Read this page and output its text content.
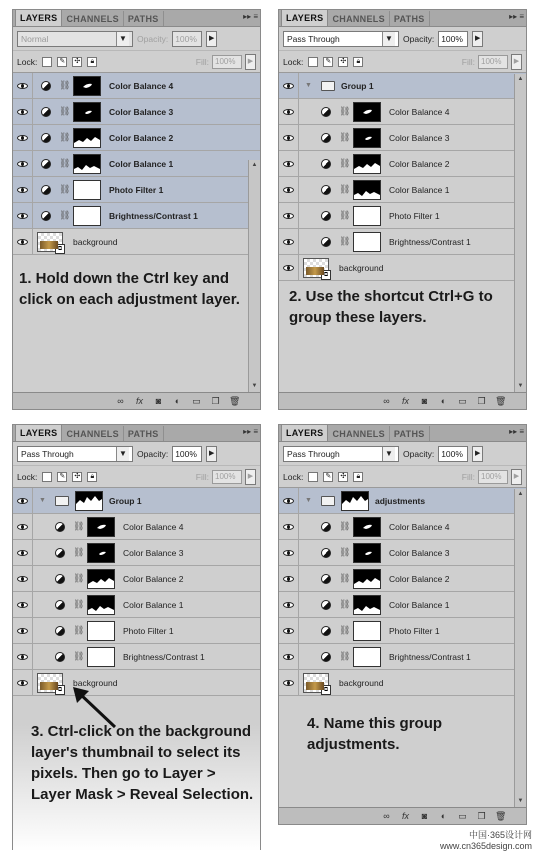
LAYERS	CHANNELS	PATHS	▸▸ ≡
Normal	▼ Opacity: 100%	▶
Lock:	✎ ✣	🔒︎	Fill: 100%	▶
⛓	Color Balance 4
⛓	Color Balance 3
⛓	Color Balance 2
⛓	Color Balance 1
⛓	Photo Filter 1
⛓	Brightness/Contrast 1
⧉
background
∞ fx	◙	◐	▭ ❐ 🗑︎
▲
▼
1. Hold down the Ctrl key and click on each adjustment layer.
LAYERS	CHANNELS	PATHS	▸▸ ≡
Pass Through	▼ Opacity: 100%	▶
Lock:	✎ ✣	🔒︎	Fill: 100%	▶
▼	Group 1
⛓	Color Balance 4
⛓	Color Balance 3
⛓	Color Balance 2
⛓	Color Balance 1
⛓	Photo Filter 1
⛓	Brightness/Contrast 1
⧉
background
∞ fx	◙	◐	▭ ❐ 🗑︎
▲
▼
2. Use the shortcut Ctrl+G to group these layers.
LAYERS	CHANNELS	PATHS	▸▸ ≡
Pass Through	▼ Opacity: 100%	▶
Lock:	✎ ✣	🔒︎	Fill: 100%	▶
▼	Group 1
⛓	Color Balance 4
⛓	Color Balance 3
⛓	Color Balance 2
⛓	Color Balance 1
⛓	Photo Filter 1
⛓	Brightness/Contrast 1
⧉
background
3. Ctrl-click on the background layer's thumbnail to select its pixels. Then go to Layer > Layer Mask > Reveal Selection.
LAYERS	CHANNELS	PATHS	▸▸ ≡
Pass Through	▼ Opacity: 100%	▶
Lock:	✎ ✣	🔒︎	Fill: 100%	▶
▼	adjustments
⛓	Color Balance 4
⛓	Color Balance 3
⛓	Color Balance 2
⛓	Color Balance 1
⛓	Photo Filter 1
⛓	Brightness/Contrast 1
⧉
background
∞ fx	◙	◐	▭ ❐ 🗑︎
▲
▼
4. Name this group adjustments.
中国·365设计网
www.cn365design.com
